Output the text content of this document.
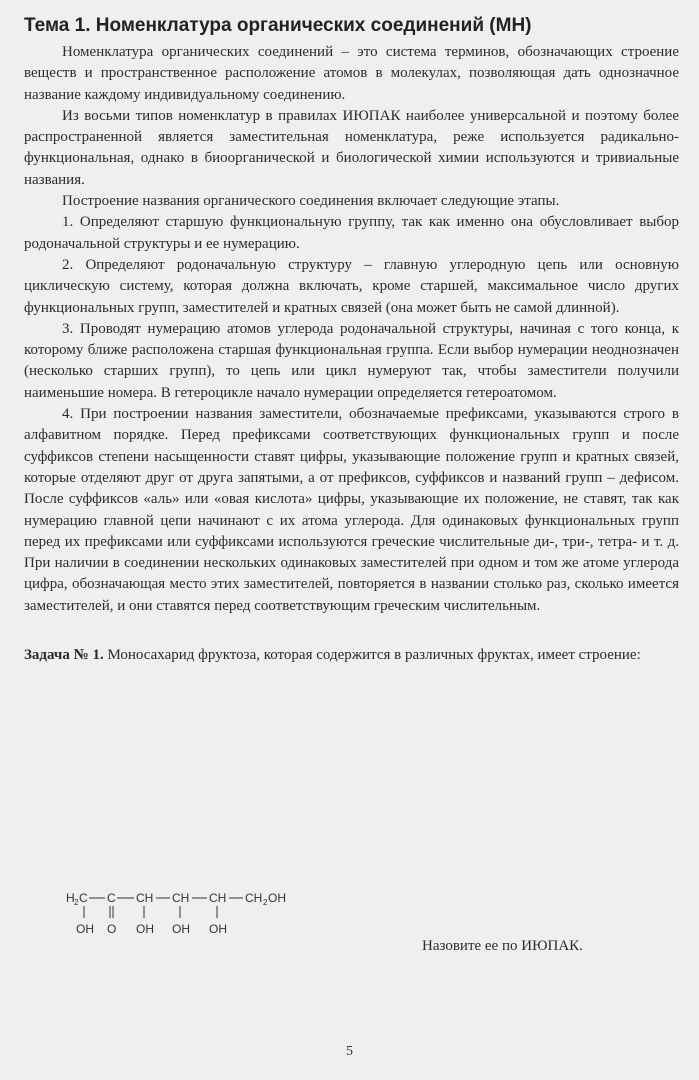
Тема 1. Номенклатура органических соединений (МН)

Номенклатура органических соединений – это система терминов, обозначающих строение веществ и пространственное расположение атомов в молекулах, позволяющая дать однозначное название каждому индивидуальному соединению.

Из восьми типов номенклатур в правилах ИЮПАК наиболее универсальной и поэтому более распространенной является заместительная номенклатура, реже используется радикально-функциональная, однако в биоорганической и биологической химии используются и тривиальные названия.

Построение названия органического соединения включает следующие этапы.

1. Определяют старшую функциональную группу, так как именно она обусловливает выбор родоначальной структуры и ее нумерацию.

2. Определяют родоначальную структуру – главную углеродную цепь или основную циклическую систему, которая должна включать, кроме старшей, максимальное число других функциональных групп, заместителей и кратных связей (она может быть не самой длинной).

3. Проводят нумерацию атомов углерода родоначальной структуры, начиная с того конца, к которому ближе расположена старшая функциональная группа. Если выбор нумерации неоднозначен (несколько старших групп), то цепь или цикл нумеруют так, чтобы заместители получили наименьшие номера. В гетероцикле начало нумерации определяется гетероатомом.

4. При построении названия заместители, обозначаемые префиксами, указываются строго в алфавитном порядке. Перед префиксами соответствующих функциональных групп и после суффиксов степени насыщенности ставят цифры, указывающие положение групп и кратных связей, которые отделяют друг от друга запятыми, а от префиксов, суффиксов и названий групп – дефисом. После суффиксов «аль» или «овая кислота» цифры, указывающие их положение, не ставят, так как нумерацию главной цепи начинают с их атома углерода. Для одинаковых функциональных групп перед их префиксами или суффиксами используются греческие числительные ди-, три-, тетра- и т. д. При наличии в соединении нескольких одинаковых заместителей при одном и том же атоме углерода цифра, обозначающая место этих заместителей, повторяется в названии столько раз, сколько имеется заместителей, и они ставятся перед соответствующим греческим числительным.

Задача № 1. Моносахарид фруктоза, которая содержится в различных фруктах, имеет строение:
H 2 C C CH CH CH CH 2 OH
OH O OH OH OH
Назовите ее по ИЮПАК.
5
